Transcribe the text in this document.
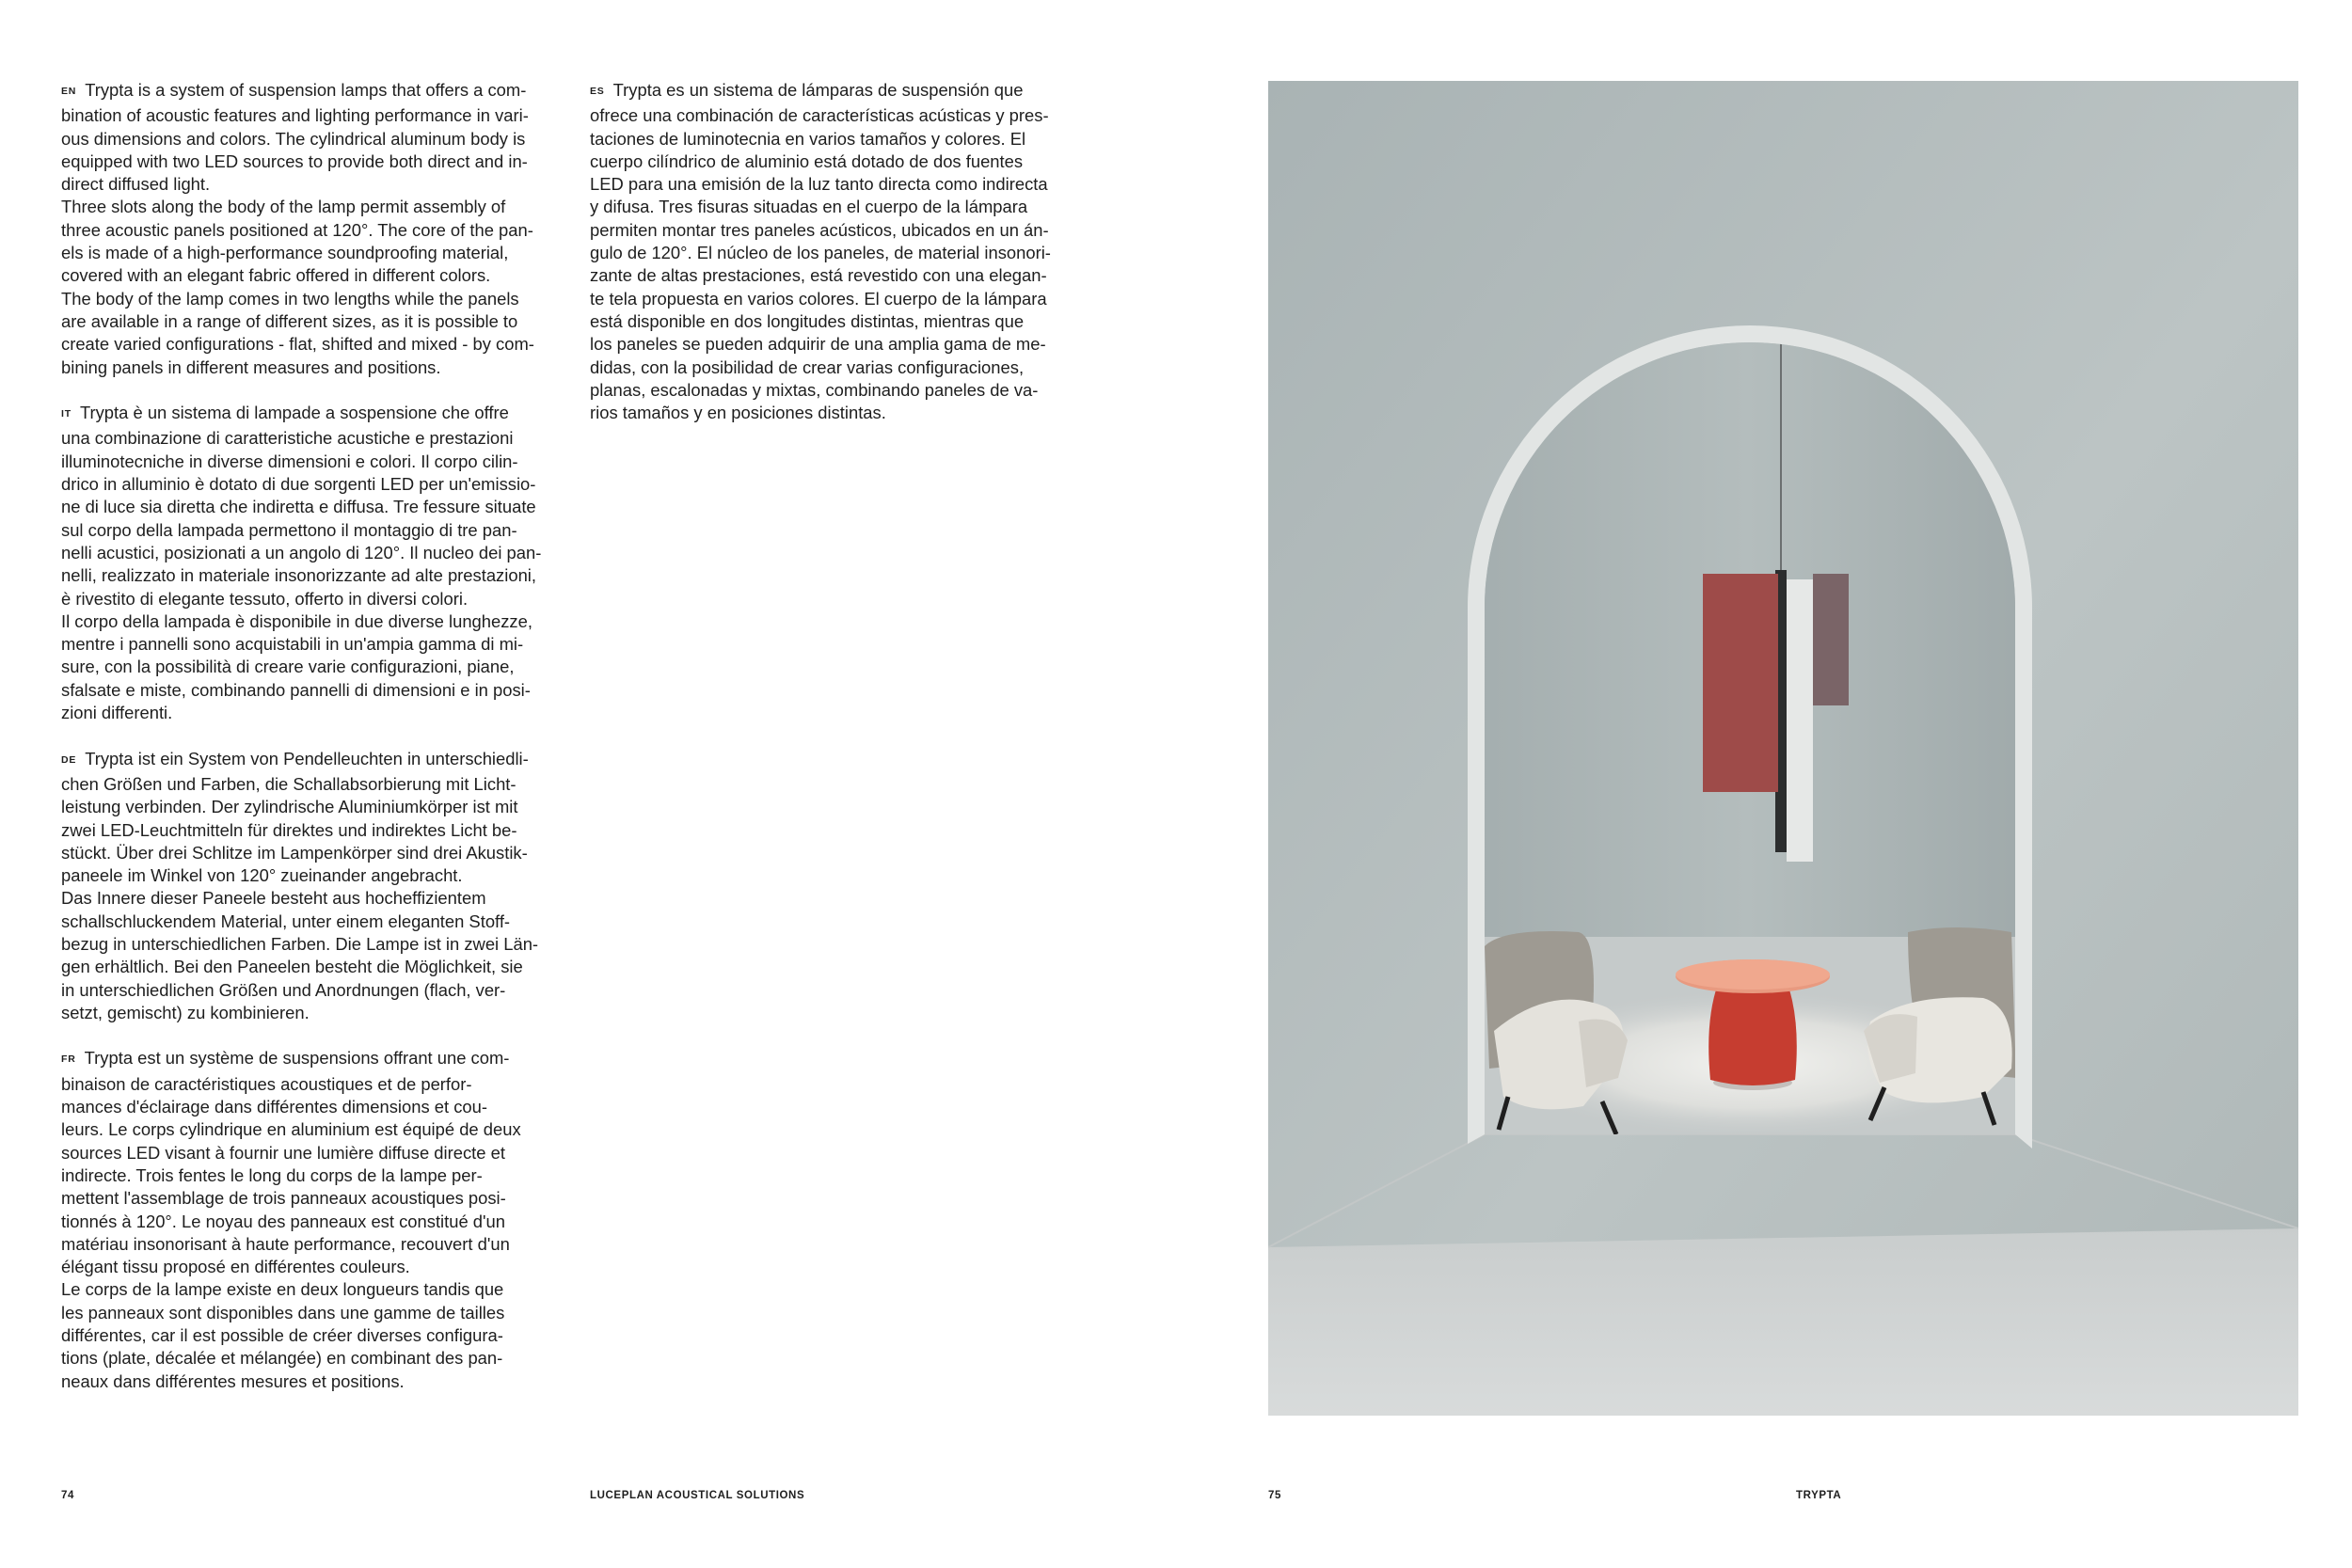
EN Trypta is a system of suspension lamps that offers a com-
bination of acoustic features and lighting performance in vari-
ous dimensions and colors. The cylindrical aluminum body is
equipped with two LED sources to provide both direct and in-
direct diffused light.
Three slots along the body of the lamp permit assembly of
three acoustic panels positioned at 120°. The core of the pan-
els is made of a high-performance soundproofing material,
covered with an elegant fabric offered in different colors.
The body of the lamp comes in two lengths while the panels
are available in a range of different sizes, as it is possible to
create varied configurations - flat, shifted and mixed - by com-
bining panels in different measures and positions.

IT Trypta è un sistema di lampade a sospensione che offre
una combinazione di caratteristiche acustiche e prestazioni
illuminotecniche in diverse dimensioni e colori. Il corpo cilin-
drico in alluminio è dotato di due sorgenti LED per un'emissio-
ne di luce sia diretta che indiretta e diffusa. Tre fessure situate
sul corpo della lampada permettono il montaggio di tre pan-
nelli acustici, posizionati a un angolo di 120°. Il nucleo dei pan-
nelli, realizzato in materiale insonorizzante ad alte prestazioni,
è rivestito di elegante tessuto, offerto in diversi colori.
Il corpo della lampada è disponibile in due diverse lunghezze,
mentre i pannelli sono acquistabili in un'ampia gamma di mi-
sure, con la possibilità di creare varie configurazioni, piane,
sfalsate e miste, combinando pannelli di dimensioni e in posi-
zioni differenti.

DE Trypta ist ein System von Pendelleuchten in unterschiedli-
chen Größen und Farben, die Schallabsorbierung mit Licht-
leistung verbinden. Der zylindrische Aluminiumkörper ist mit
zwei LED-Leuchtmitteln für direktes und indirektes Licht be-
stückt. Über drei Schlitze im Lampenkörper sind drei Akustik-
paneele im Winkel von 120° zueinander angebracht.
Das Innere dieser Paneele besteht aus hocheffizientem
schallschluckendem Material, unter einem eleganten Stoff-
bezug in unterschiedlichen Farben. Die Lampe ist in zwei Län-
gen erhältlich. Bei den Paneelen besteht die Möglichkeit, sie
in unterschiedlichen Größen und Anordnungen (flach, ver-
setzt, gemischt) zu kombinieren.

FR Trypta est un système de suspensions offrant une com-
binaison de caractéristiques acoustiques et de perfor-
mances d'éclairage dans différentes dimensions et cou-
leurs. Le corps cylindrique en aluminium est équipé de deux
sources LED visant à fournir une lumière diffuse directe et
indirecte. Trois fentes le long du corps de la lampe per-
mettent l'assemblage de trois panneaux acoustiques posi-
tionnés à 120°. Le noyau des panneaux est constitué d'un
matériau insonorisant à haute performance, recouvert d'un
élégant tissu proposé en différentes couleurs.
Le corps de la lampe existe en deux longueurs tandis que
les panneaux sont disponibles dans une gamme de tailles
différentes, car il est possible de créer diverses configura-
tions (plate, décalée et mélangée) en combinant des pan-
neaux dans différentes mesures et positions.

ES Trypta es un sistema de lámparas de suspensión que
ofrece una combinación de características acústicas y pres-
taciones de luminotecnia en varios tamaños y colores. El
cuerpo cilíndrico de aluminio está dotado de dos fuentes
LED para una emisión de la luz tanto directa como indirecta
y difusa. Tres fisuras situadas en el cuerpo de la lámpara
permiten montar tres paneles acústicos, ubicados en un án-
gulo de 120°. El núcleo de los paneles, de material insonori-
zante de altas prestaciones, está revestido con una elegan-
te tela propuesta en varios colores. El cuerpo de la lámpara
está disponible en dos longitudes distintas, mientras que
los paneles se pueden adquirir de una amplia gama de me-
didas, con la posibilidad de crear varias configuraciones,
planas, escalonadas y mixtas, combinando paneles de va-
rios tamaños y en posiciones distintas.

74	LUCEPLAN ACOUSTICAL SOLUTIONS	75	TRYPTA
